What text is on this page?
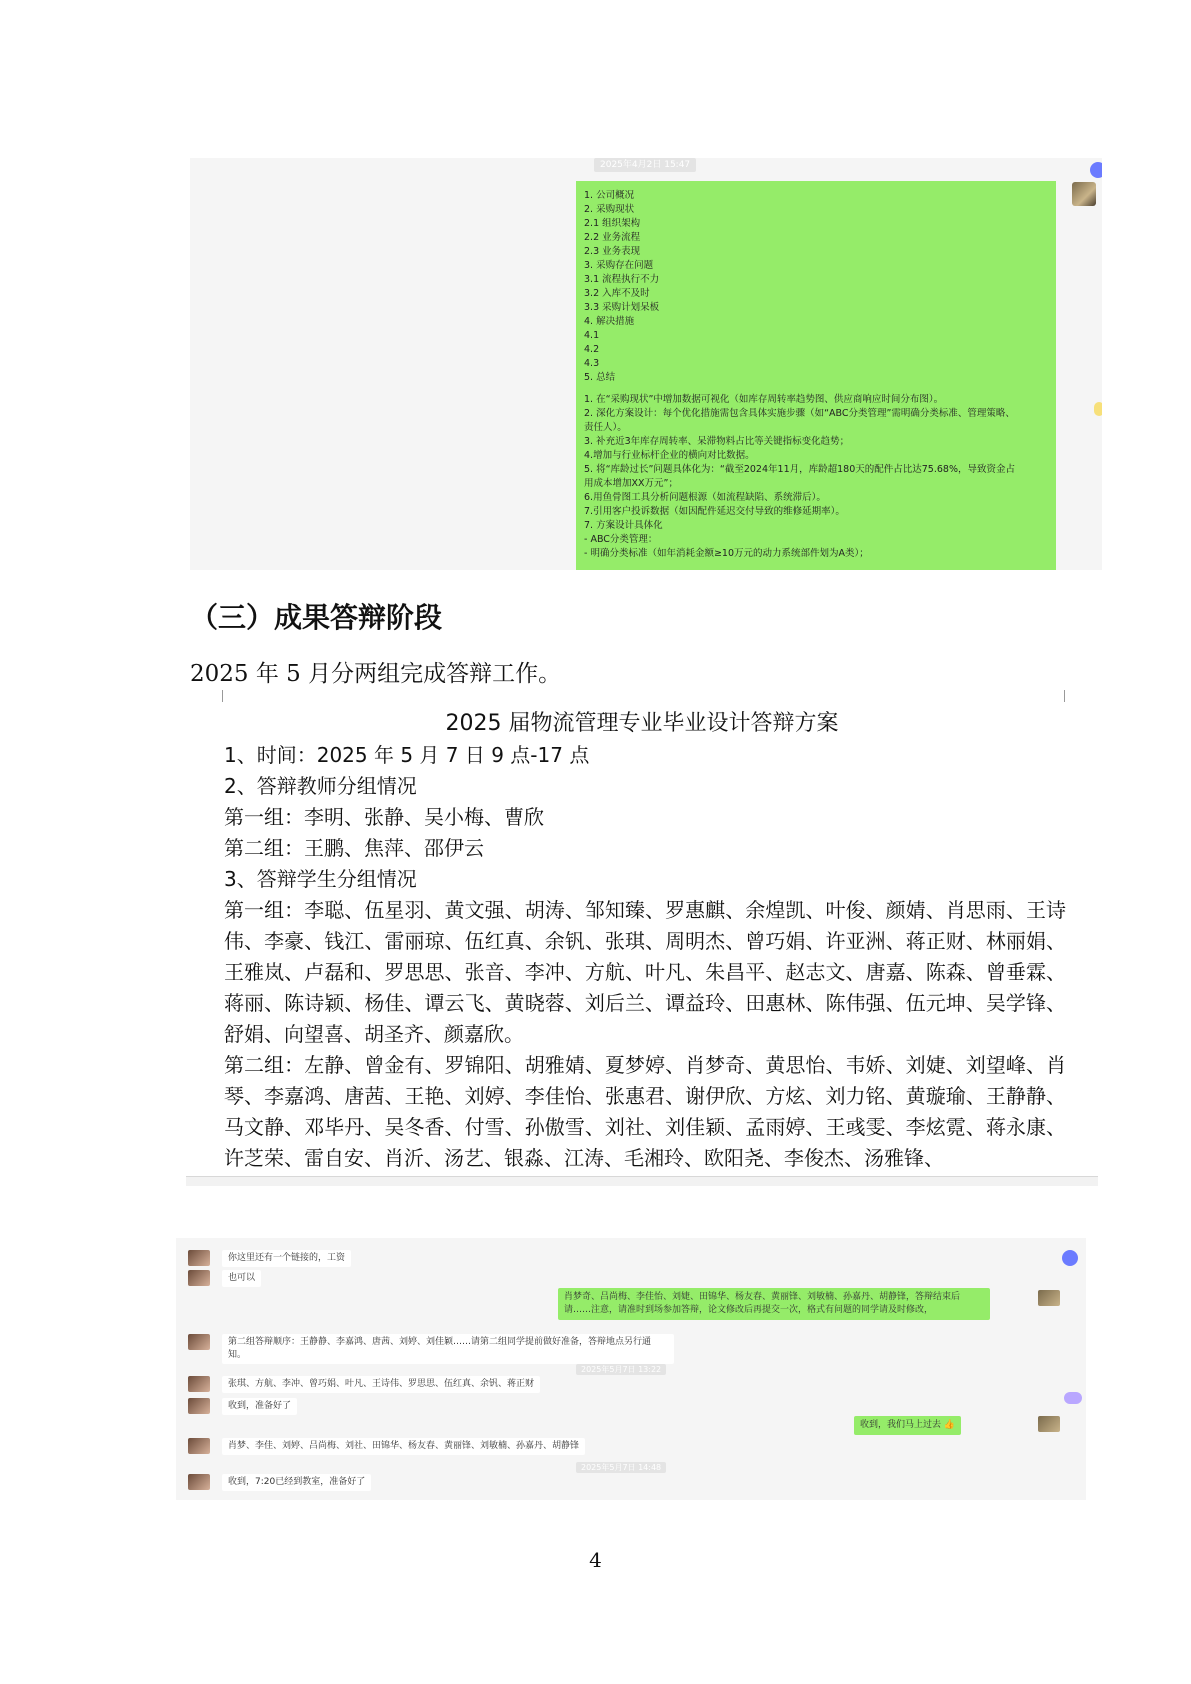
2025年4月2日 15:47
1. 公司概况
2. 采购现状
2.1 组织架构
2.2 业务流程
2.3 业务表现
3. 采购存在问题
3.1 流程执行不力
3.2 入库不及时
3.3 采购计划呆板
4. 解决措施
4.1
4.2
4.3
5. 总结
1. 在“采购现状”中增加数据可视化（如库存周转率趋势图、供应商响应时间分布图）。
2. 深化方案设计：每个优化措施需包含具体实施步骤（如“ABC分类管理”需明确分类标准、管理策略、
责任人）。
3. 补充近3年库存周转率、呆滞物料占比等关键指标变化趋势；
4.增加与行业标杆企业的横向对比数据。
5. 将“库龄过长”问题具体化为：“截至2024年11月，库龄超180天的配件占比达75.68%，导致资金占
用成本增加XX万元”；
6.用鱼骨图工具分析问题根源（如流程缺陷、系统滞后）。
7.引用客户投诉数据（如因配件延迟交付导致的维修延期率）。
7. 方案设计具体化
- ABC分类管理：
- 明确分类标准（如年消耗金额≥10万元的动力系统部件划为A类）；
（三）成果答辩阶段
2025 年 5 月分两组完成答辩工作。
2025 届物流管理专业毕业设计答辩方案
1、时间：2025 年 5 月 7 日 9 点-17 点
2、答辩教师分组情况
第一组：李明、张静、吴小梅、曹欣
第二组：王鹏、焦萍、邵伊云
3、答辩学生分组情况
第一组：李聪、伍星羽、黄文强、胡涛、邹知臻、罗惠麒、余煌凯、叶俊、颜婧、肖思雨、王诗伟、李豪、钱江、雷丽琼、伍红真、余钒、张琪、周明杰、曾巧娟、许亚洲、蒋正财、林丽娟、王雅岚、卢磊和、罗思思、张音、李冲、方航、叶凡、朱昌平、赵志文、唐嘉、陈森、曾垂霖、蒋丽、陈诗颖、杨佳、谭云飞、黄晓蓉、刘后兰、谭益玲、田惠林、陈伟强、伍元坤、吴学锋、舒娟、向望喜、胡圣齐、颜嘉欣。
第二组：左静、曾金有、罗锦阳、胡雅婧、夏梦婷、肖梦奇、黄思怡、韦娇、刘婕、刘望峰、肖琴、李嘉鸿、唐茜、王艳、刘婷、李佳怡、张惠君、谢伊欣、方炫、刘力铭、黄璇瑜、王静静、马文静、邓毕丹、吴冬香、付雪、孙傲雪、刘社、刘佳颖、孟雨婷、王彧雯、李炫霓、蒋永康、许芝荣、雷自安、肖沂、汤艺、银淼、江涛、毛湘玲、欧阳尧、李俊杰、汤雅锋、
你这里还有一个链接的，工资
也可以
肖梦奇、吕尚梅、李佳怡、刘婕、田锦华、杨友春、黄丽锋、刘敏楠、孙嘉丹、胡静锋，答辩结束后请……注意，请准时到场参加答辩，论文修改后再提交一次，格式有问题的同学请及时修改，
第二组答辩顺序：王静静、李嘉鸿、唐茜、刘婷、刘佳颖……请第二组同学提前做好准备，答辩地点另行通知。
2025年5月7日 13:22
张琪、方航、李冲、曾巧娟、叶凡、王诗伟、罗思思、伍红真、余钒、蒋正财
收到，准备好了
收到，我们马上过去 👍
肖梦、李佳、刘婷、吕尚梅、刘社、田锦华、杨友春、黄丽锋、刘敏楠、孙嘉丹、胡静锋
2025年5月7日 14:48
收到，7:20已经到教室，准备好了
4
